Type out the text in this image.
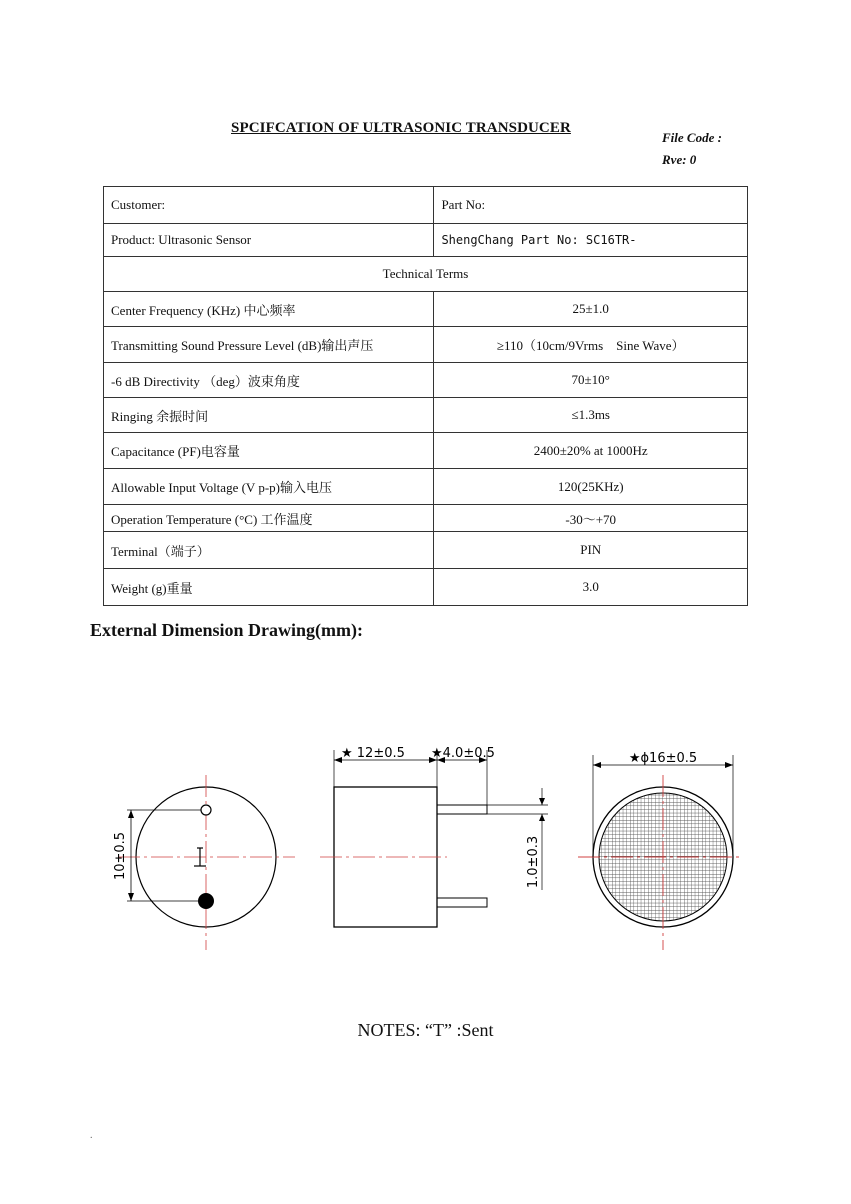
SPCIFCATION OF ULTRASONIC TRANSDUCER
File Code :
Rve: 0
Customer:	Part No:
Product: Ultrasonic Sensor	ShengChang Part No: SC16TR-
Technical Terms	
Center Frequency (KHz) 中心频率	25±1.0
Transmitting Sound Pressure Level (dB)输出声压	≥110（10cm/9Vrms　Sine Wave）
-6 dB Directivity （deg）波束角度	70±10°
Ringing 余振时间	≤1.3ms
Capacitance (PF)电容量	2400±20% at 1000Hz
Allowable Input Voltage (V p-p)输入电压	120(25KHz)
Operation Temperature (°C) 工作温度	-30～+70
Terminal（端子）	PIN
Weight (g)重量	3.0
External Dimension Drawing(mm):
10±0.5
★ 12±0.5 ★4.0±0.5
1.0±0.3
★ϕ16±0.5
NOTES: “T” :Sent
.
